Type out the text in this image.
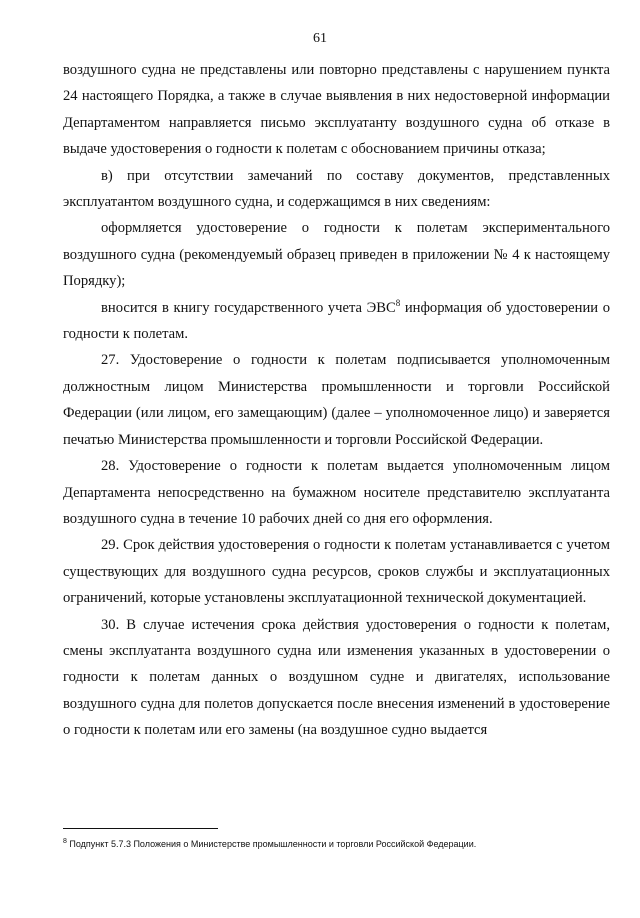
61

воздушного судна не представлены или повторно представлены с нарушением пункта 24 настоящего Порядка, а также в случае выявления в них недостоверной информации Департаментом направляется письмо эксплуатанту воздушного судна об отказе в выдаче удостоверения о годности к полетам с обоснованием причины отказа;

в) при отсутствии замечаний по составу документов, представленных эксплуатантом воздушного судна, и содержащимся в них сведениям:

оформляется удостоверение о годности к полетам экспериментального воздушного судна (рекомендуемый образец приведен в приложении № 4 к настоящему Порядку);

вносится в книгу государственного учета ЭВС$^8$ информация об удостоверении о годности к полетам.

27. Удостоверение о годности к полетам подписывается уполномоченным должностным лицом Министерства промышленности и торговли Российской Федерации (или лицом, его замещающим) (далее – уполномоченное лицо) и заверяется печатью Министерства промышленности и торговли Российской Федерации.

28. Удостоверение о годности к полетам выдается уполномоченным лицом Департамента непосредственно на бумажном носителе представителю эксплуатанта воздушного судна в течение 10 рабочих дней со дня его оформления.

29. Срок действия удостоверения о годности к полетам устанавливается с учетом существующих для воздушного судна ресурсов, сроков службы и эксплуатационных ограничений, которые установлены эксплуатационной технической документацией.

30. В случае истечения срока действия удостоверения о годности к полетам, смены эксплуатанта воздушного судна или изменения указанных в удостоверении о годности к полетам данных о воздушном судне и двигателях, использование воздушного судна для полетов допускается после внесения изменений в удостоверение о годности к полетам или его замены (на воздушное судно выдается

$^8$ Подпункт 5.7.3 Положения о Министерстве промышленности и торговли Российской Федерации.
